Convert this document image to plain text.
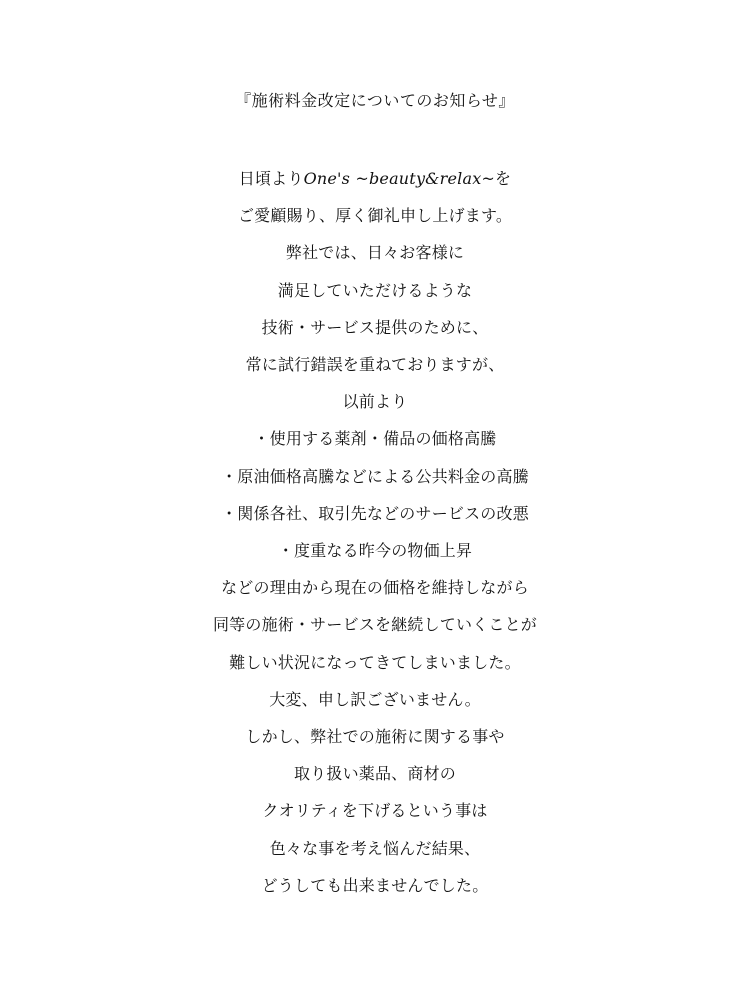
『施術料金改定についてのお知らせ』
日頃よりOne's ~beauty&relax~を
ご愛顧賜り、厚く御礼申し上げます。
弊社では、日々お客様に
満足していただけるような
技術・サービス提供のために、
常に試行錯誤を重ねておりますが、
以前より
・使用する薬剤・備品の価格高騰
・原油価格高騰などによる公共料金の高騰
・関係各社、取引先などのサービスの改悪
・度重なる昨今の物価上昇
などの理由から現在の価格を維持しながら
同等の施術・サービスを継続していくことが
難しい状況になってきてしまいました。
大変、申し訳ございません。
しかし、弊社での施術に関する事や
取り扱い薬品、商材の
クオリティを下げるという事は
色々な事を考え悩んだ結果、
どうしても出来ませんでした。
